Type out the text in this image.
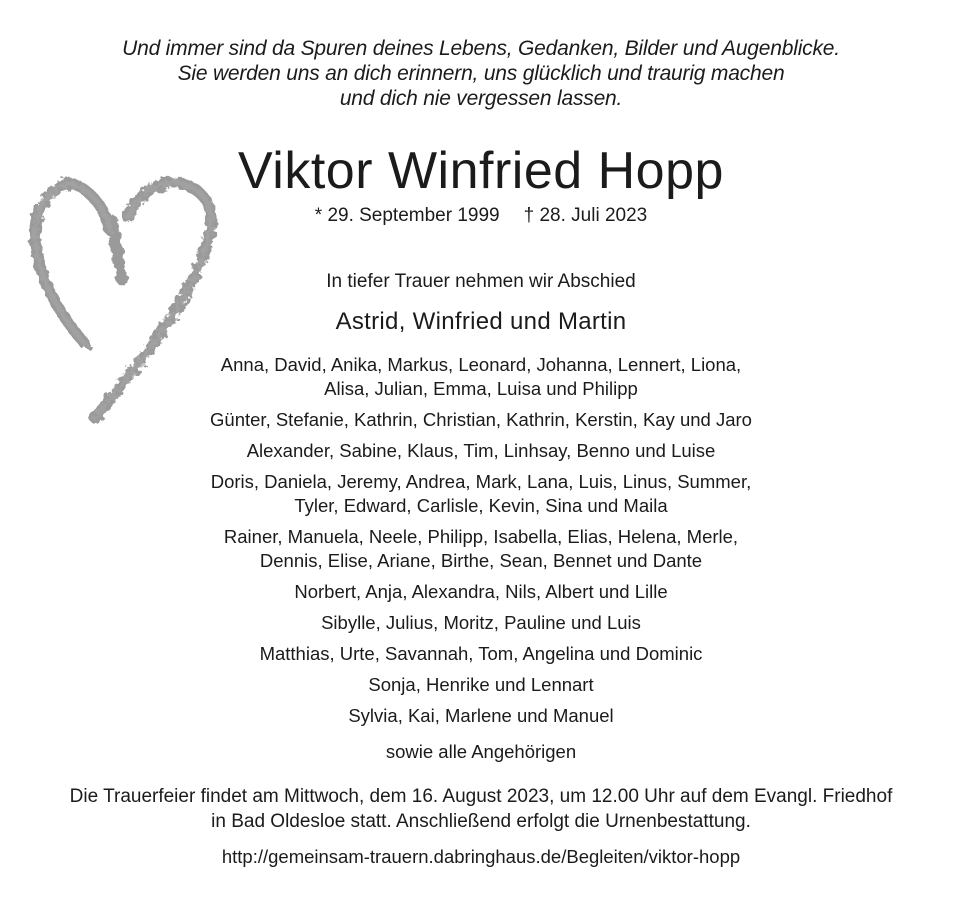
Und immer sind da Spuren deines Lebens, Gedanken, Bilder und Augenblicke.
Sie werden uns an dich erinnern, uns glücklich und traurig machen
und dich nie vergessen lassen.
Viktor Winfried Hopp
* 29. September 1999 † 28. Juli 2023
In tiefer Trauer nehmen wir Abschied
Astrid, Winfried und Martin
Anna, David, Anika, Markus, Leonard, Johanna, Lennert, Liona,
Alisa, Julian, Emma, Luisa und Philipp
Günter, Stefanie, Kathrin, Christian, Kathrin, Kerstin, Kay und Jaro
Alexander, Sabine, Klaus, Tim, Linhsay, Benno und Luise
Doris, Daniela, Jeremy, Andrea, Mark, Lana, Luis, Linus, Summer,
Tyler, Edward, Carlisle, Kevin, Sina und Maila
Rainer, Manuela, Neele, Philipp, Isabella, Elias, Helena, Merle,
Dennis, Elise, Ariane, Birthe, Sean, Bennet und Dante
Norbert, Anja, Alexandra, Nils, Albert und Lille
Sibylle, Julius, Moritz, Pauline und Luis
Matthias, Urte, Savannah, Tom, Angelina und Dominic
Sonja, Henrike und Lennart
Sylvia, Kai, Marlene und Manuel
sowie alle Angehörigen
Die Trauerfeier findet am Mittwoch, dem 16. August 2023, um 12.00 Uhr auf dem Evangl. Friedhof
in Bad Oldesloe statt. Anschließend erfolgt die Urnenbestattung.
http://gemeinsam-trauern.dabringhaus.de/Begleiten/viktor-hopp
